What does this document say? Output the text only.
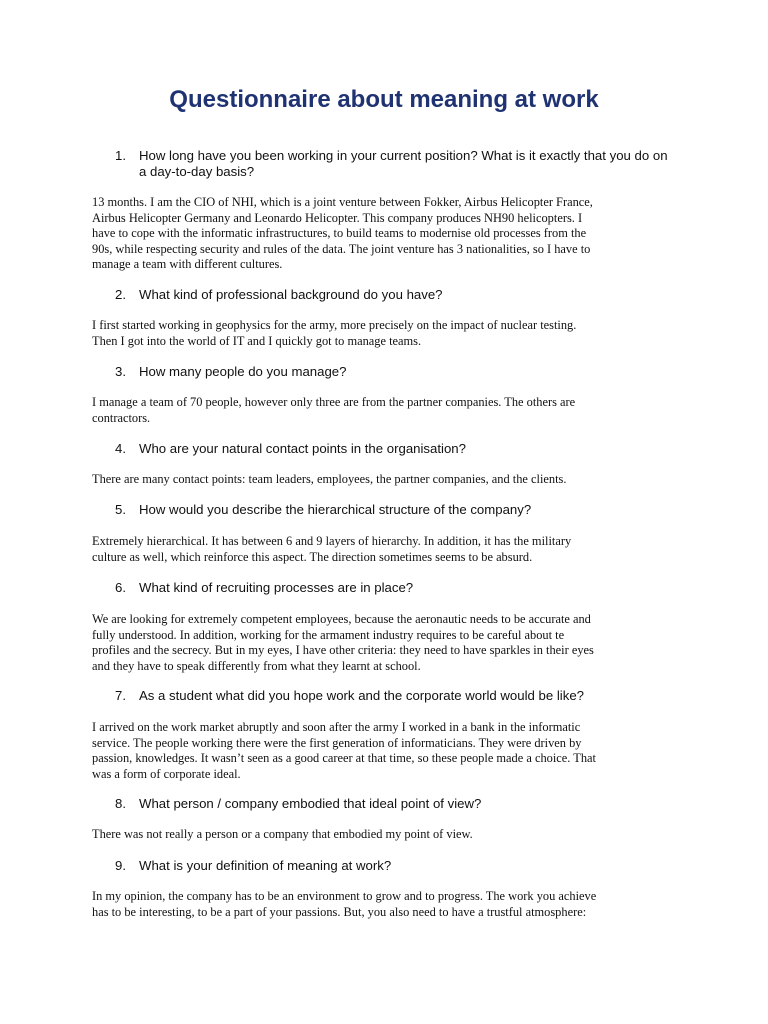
Questionnaire about meaning at work
1. How long have you been working in your current position? What is it exactly that you do on a day-to-day basis?
13 months. I am the CIO of NHI, which is a joint venture between Fokker, Airbus Helicopter France,
Airbus Helicopter Germany and Leonardo Helicopter. This company produces NH90 helicopters. I
have to cope with the informatic infrastructures, to build teams to modernise old processes from the
90s, while respecting security and rules of the data. The joint venture has 3 nationalities, so I have to
manage a team with different cultures.
2. What kind of professional background do you have?
I first started working in geophysics for the army, more precisely on the impact of nuclear testing.
Then I got into the world of IT and I quickly got to manage teams.
3. How many people do you manage?
I manage a team of 70 people, however only three are from the partner companies. The others are
contractors.
4. Who are your natural contact points in the organisation?
There are many contact points: team leaders, employees, the partner companies, and the clients.
5. How would you describe the hierarchical structure of the company?
Extremely hierarchical. It has between 6 and 9 layers of hierarchy. In addition, it has the military
culture as well, which reinforce this aspect. The direction sometimes seems to be absurd.
6. What kind of recruiting processes are in place?
We are looking for extremely competent employees, because the aeronautic needs to be accurate and
fully understood. In addition, working for the armament industry requires to be careful about te
profiles and the secrecy. But in my eyes, I have other criteria: they need to have sparkles in their eyes
and they have to speak differently from what they learnt at school.
7. As a student what did you hope work and the corporate world would be like?
I arrived on the work market abruptly and soon after the army I worked in a bank in the informatic
service. The people working there were the first generation of informaticians. They were driven by
passion, knowledges. It wasn’t seen as a good career at that time, so these people made a choice. That
was a form of corporate ideal.
8. What person / company embodied that ideal point of view?
There was not really a person or a company that embodied my point of view.
9. What is your definition of meaning at work?
In my opinion, the company has to be an environment to grow and to progress. The work you achieve
has to be interesting, to be a part of your passions. But, you also need to have a trustful atmosphere:
